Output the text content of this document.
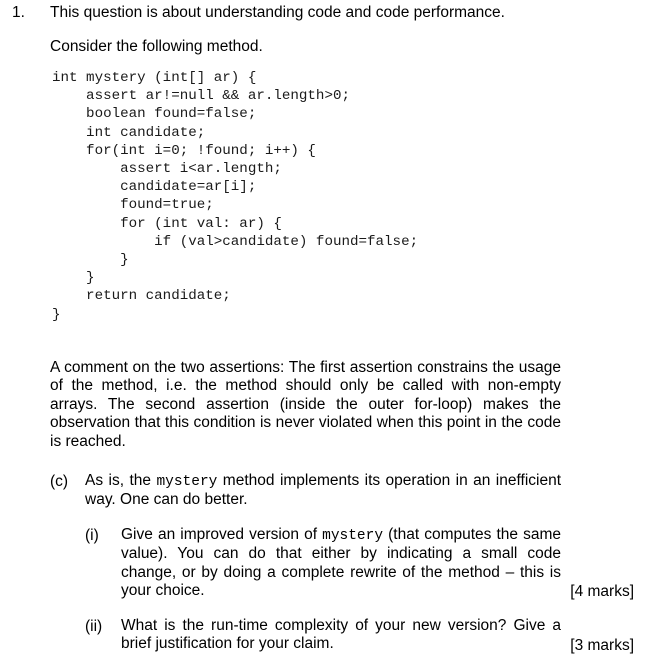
1. This question is about understanding code and code performance.
Consider the following method.
int mystery (int[] ar) {
assert ar!=null && ar.length>0;
boolean found=false;
int candidate;
for(int i=0; !found; i++) {
assert i<ar.length;
candidate=ar[i];
found=true;
for (int val: ar) {
if (val>candidate) found=false;
}
}
return candidate;
}
A comment on the two assertions: The first assertion constrains the usage of the method, i.e. the method should only be called with non-empty arrays. The second assertion (inside the outer for-loop) makes the observation that this condition is never violated when this point in the code is reached.
(c) As is, the mystery method implements its operation in an inefficient way. One can do better.
(i) Give an improved version of mystery (that computes the same value). You can do that either by indicating a small code change, or by doing a complete rewrite of the method – this is your choice.	[4 marks]
(ii) What is the run-time complexity of your new version? Give a brief justification for your claim.	[3 marks]
